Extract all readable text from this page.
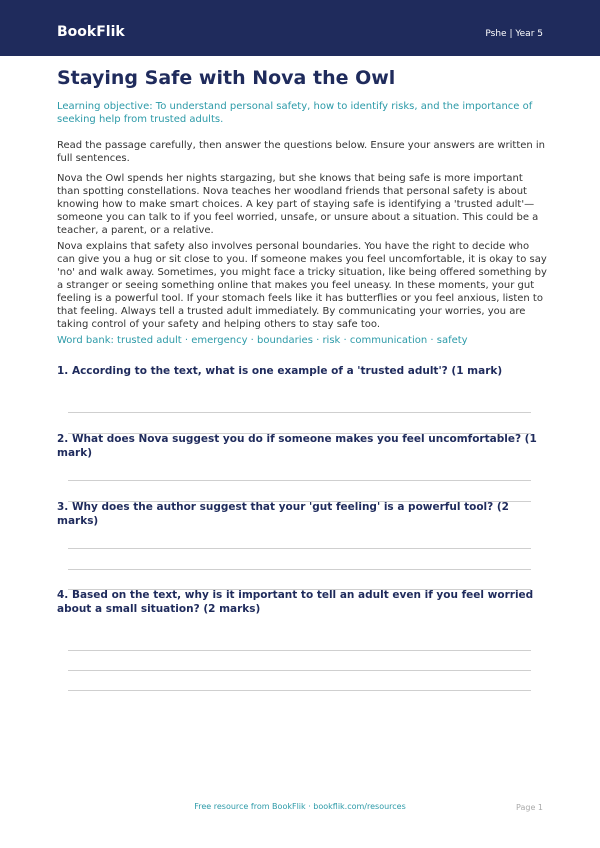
BookFlik	Pshe | Year 5
Staying Safe with Nova the Owl

Learning objective: To understand personal safety, how to identify risks, and the importance of seeking help from trusted adults.

Read the passage carefully, then answer the questions below. Ensure your answers are written in full sentences.

Nova the Owl spends her nights stargazing, but she knows that being safe is more important than spotting constellations. Nova teaches her woodland friends that personal safety is about knowing how to make smart choices. A key part of staying safe is identifying a 'trusted adult'—someone you can talk to if you feel worried, unsafe, or unsure about a situation. This could be a teacher, a parent, or a relative.

Nova explains that safety also involves personal boundaries. You have the right to decide who can give you a hug or sit close to you. If someone makes you feel uncomfortable, it is okay to say 'no' and walk away. Sometimes, you might face a tricky situation, like being offered something by a stranger or seeing something online that makes you feel uneasy. In these moments, your gut feeling is a powerful tool. If your stomach feels like it has butterflies or you feel anxious, listen to that feeling. Always tell a trusted adult immediately. By communicating your worries, you are taking control of your safety and helping others to stay safe too.

Word bank: trusted adult · emergency · boundaries · risk · communication · safety

1. According to the text, what is one example of a 'trusted adult'? (1 mark)
2. What does Nova suggest you do if someone makes you feel uncomfortable? (1 mark)
3. Why does the author suggest that your 'gut feeling' is a powerful tool? (2 marks)
4. Based on the text, why is it important to tell an adult even if you feel worried about a small situation? (2 marks)
Free resource from BookFlik · bookflik.com/resources	Page 1
